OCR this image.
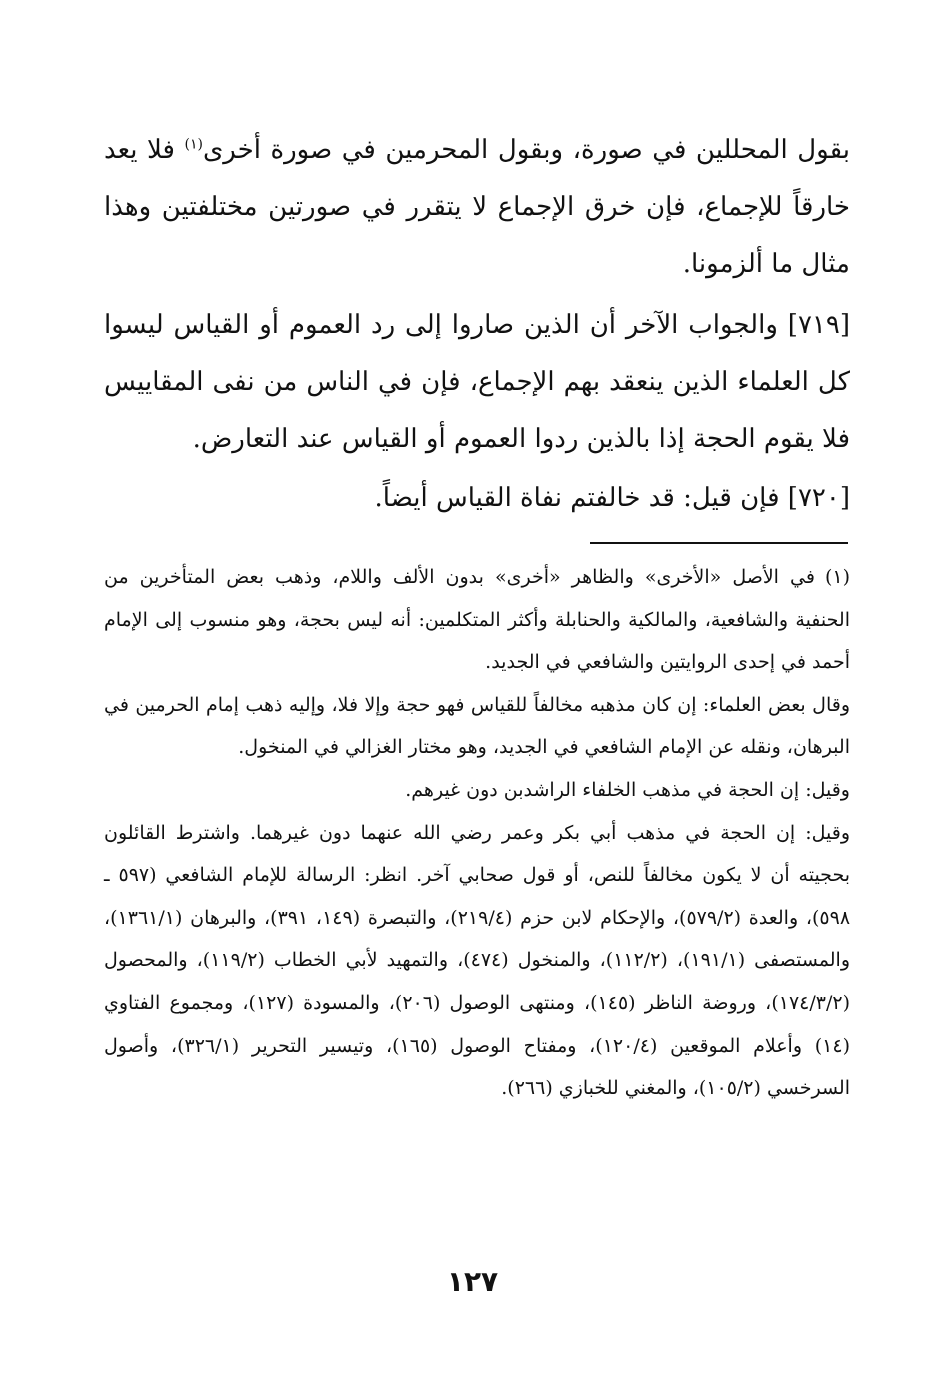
بقول المحللين في صورة، وبقول المحرمين في صورة أخرى$^{(١)}$ فلا يعد خارقاً للإجماع، فإن خرق الإجماع لا يتقرر في صورتين مختلفتين وهذا مثال ما ألزمونا.

[٧١٩] والجواب الآخر أن الذين صاروا إلى رد العموم أو القياس ليسوا كل العلماء الذين ينعقد بهم الإجماع، فإن في الناس من نفى المقاييس فلا يقوم الحجة إذا بالذين ردوا العموم أو القياس عند التعارض.

[٧٢٠] فإن قيل: قد خالفتم نفاة القياس أيضاً.

(١)في الأصل «الأخرى» والظاهر «أخرى» بدون الألف واللام، وذهب بعض المتأخرين من الحنفية والشافعية، والمالكية والحنابلة وأكثر المتكلمين: أنه ليس بحجة، وهو منسوب إلى الإمام أحمد في إحدى الروايتين والشافعي في الجديد.

وقال بعض العلماء: إن كان مذهبه مخالفاً للقياس فهو حجة وإلا فلا، وإليه ذهب إمام الحرمين في البرهان، ونقله عن الإمام الشافعي في الجديد، وهو مختار الغزالي في المنخول.

وقيل: إن الحجة في مذهب الخلفاء الراشدبن دون غيرهم.

وقيل: إن الحجة في مذهب أبي بكر وعمر رضي الله عنهما دون غيرهما. واشترط القائلون بحجيته أن لا يكون مخالفاً للنص، أو قول صحابي آخر. انظر: الرسالة للإمام الشافعي (٥٩٧ ـ ٥٩٨)، والعدة (٥٧٩/٢)، والإحكام لابن حزم (٢١٩/٤)، والتبصرة (١٤٩، ٣٩١)، والبرهان (١٣٦١/١)، والمستصفى (١٩١/١)، (١١٢/٢)، والمنخول (٤٧٤)، والتمهيد لأبي الخطاب (١١٩/٢)، والمحصول (١٧٤/٣/٢)، وروضة الناظر (١٤٥)، ومنتهى الوصول (٢٠٦)، والمسودة (١٢٧)، ومجموع الفتاوي (١٤) وأعلام الموقعين (١٢٠/٤)، ومفتاح الوصول (١٦٥)، وتيسير التحرير (٣٢٦/١)، وأصول السرخسي (١٠٥/٢)، والمغني للخبازي (٢٦٦).

١٢٧
